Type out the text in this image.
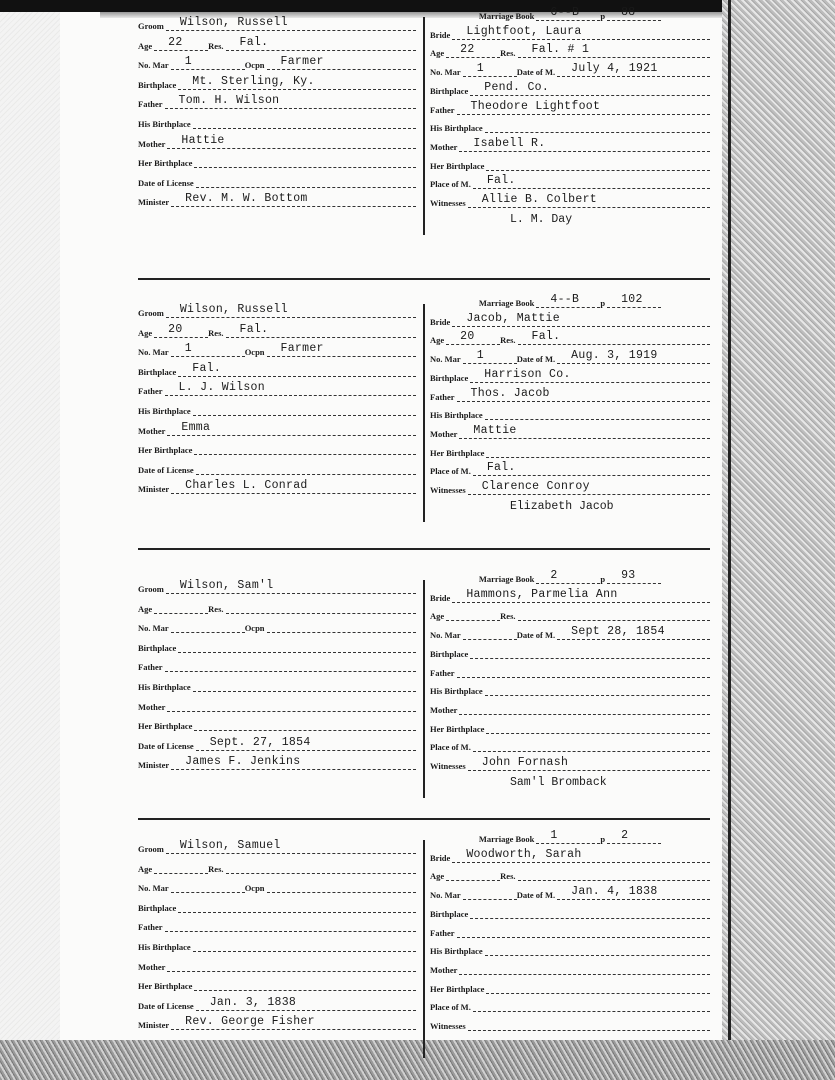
Groom	Wilson, Russell
Age	22	Res.	Fal.
No. Mar	1	Ocpn	Farmer
Birthplace	Mt. Sterling, Ky.
Father	Tom. H. Wilson
His Birthplace
Mother	Hattie
Her Birthplace
Date of License
Minister	Rev. M. W. Bottom
Marriage Book	6--B	p	88
Bride	Lightfoot, Laura
Age	22	Res.	Fal. # 1
No. Mar	1	Date of M.	July 4, 1921
Birthplace	Pend. Co.
Father	Theodore Lightfoot
His Birthplace
Mother	Isabell R.
Her Birthplace
Place of M.	Fal.
Witnesses	Allie B. Colbert
L. M. Day
Groom	Wilson, Russell
Age	20	Res.	Fal.
No. Mar	1	Ocpn	Farmer
Birthplace	Fal.
Father	L. J. Wilson
His Birthplace
Mother	Emma
Her Birthplace
Date of License
Minister	Charles L. Conrad
Marriage Book	4--B	p	102
Bride	Jacob, Mattie
Age	20	Res.	Fal.
No. Mar	1	Date of M.	Aug. 3, 1919
Birthplace	Harrison Co.
Father	Thos. Jacob
His Birthplace
Mother	Mattie
Her Birthplace
Place of M.	Fal.
Witnesses	Clarence Conroy
Elizabeth Jacob
Groom	Wilson, Sam'l
Age	Res.
No. Mar	Ocpn
Birthplace
Father
His Birthplace
Mother
Her Birthplace
Date of License	Sept. 27, 1854
Minister	James F. Jenkins
Marriage Book	2	p	93
Bride	Hammons, Parmelia Ann
Age	Res.
No. Mar	Date of M.	Sept 28, 1854
Birthplace
Father
His Birthplace
Mother
Her Birthplace
Place of M.
Witnesses	John Fornash
Sam'l Bromback
Groom	Wilson, Samuel
Age	Res.
No. Mar	Ocpn
Birthplace
Father
His Birthplace
Mother
Her Birthplace
Date of License	Jan. 3, 1838
Minister	Rev. George Fisher
Marriage Book	1	p	2
Bride	Woodworth, Sarah
Age	Res.
No. Mar	Date of M.	Jan. 4, 1838
Birthplace
Father
His Birthplace
Mother
Her Birthplace
Place of M.
Witnesses
